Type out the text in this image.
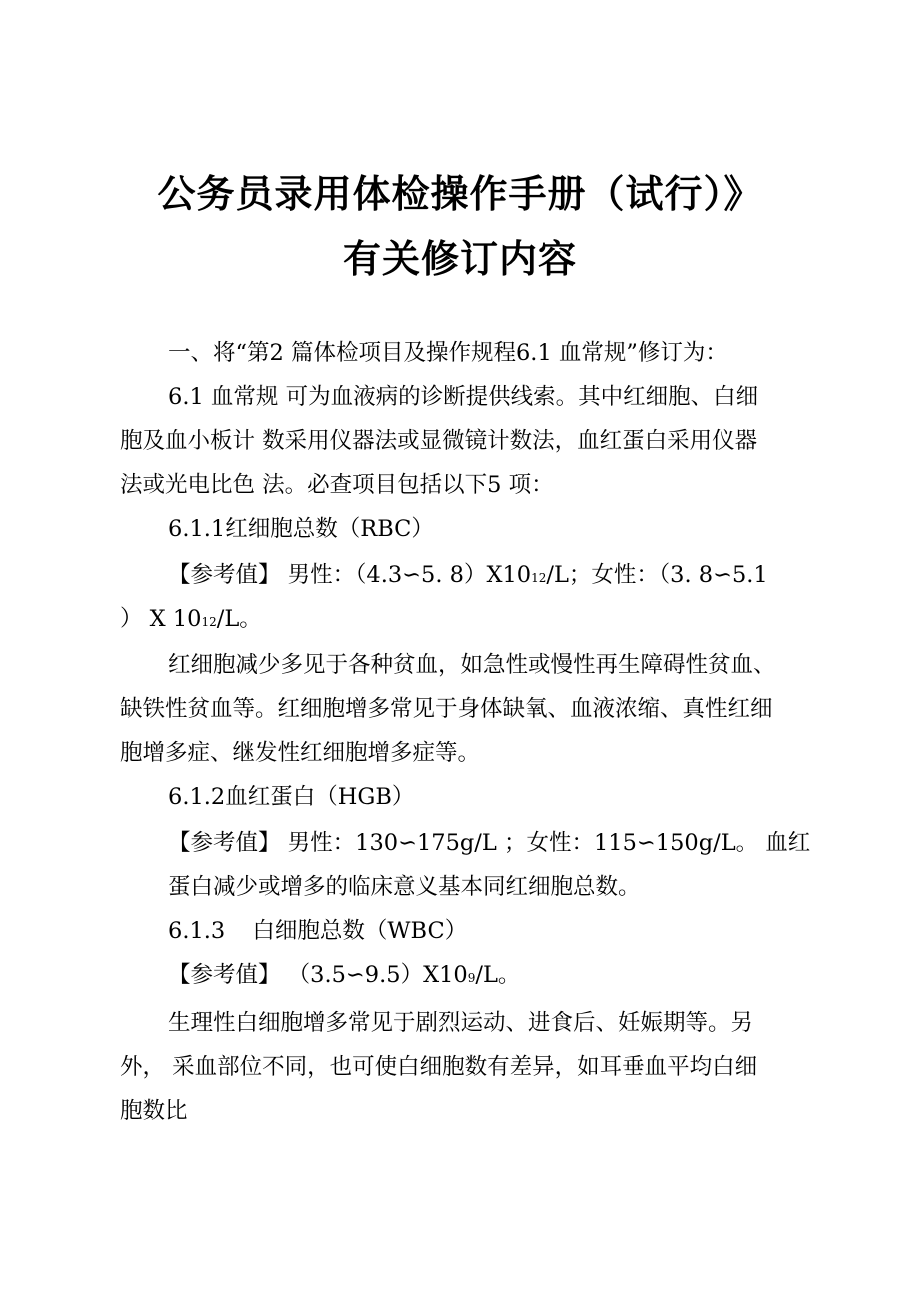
公务员录用体检操作手册（试行）》
有关修订内容

一、将“第2 篇体检项目及操作规程6.1 血常规”修订为：

6.1 血常规 可为血液病的诊断提供线索。其中红细胞、白细

胞及血小板计 数采用仪器法或显微镜计数法，血红蛋白采用仪器

法或光电比色 法。必查项目包括以下5 项：

6.1.1红细胞总数（RBC）

【参考值】 男性：（4.3∽5. 8）X1012/L；女性：（3. 8∽5.1

） X 1012/L。

红细胞减少多见于各种贫血，如急性或慢性再生障碍性贫血、

缺铁性贫血等。红细胞增多常见于身体缺氧、血液浓缩、真性红细

胞增多症、继发性红细胞增多症等。

6.1.2血红蛋白（HGB）

【参考值】 男性：130∽175g/L ；女性：115∽150g/L。 血红

蛋白减少或增多的临床意义基本同红细胞总数。

6.1.3 白细胞总数（WBC）

【参考值】 （3.5∽9.5）X109/L。

生理性白细胞增多常见于剧烈运动、进食后、妊娠期等。另

外， 采血部位不同，也可使白细胞数有差异，如耳垂血平均白细

胞数比
